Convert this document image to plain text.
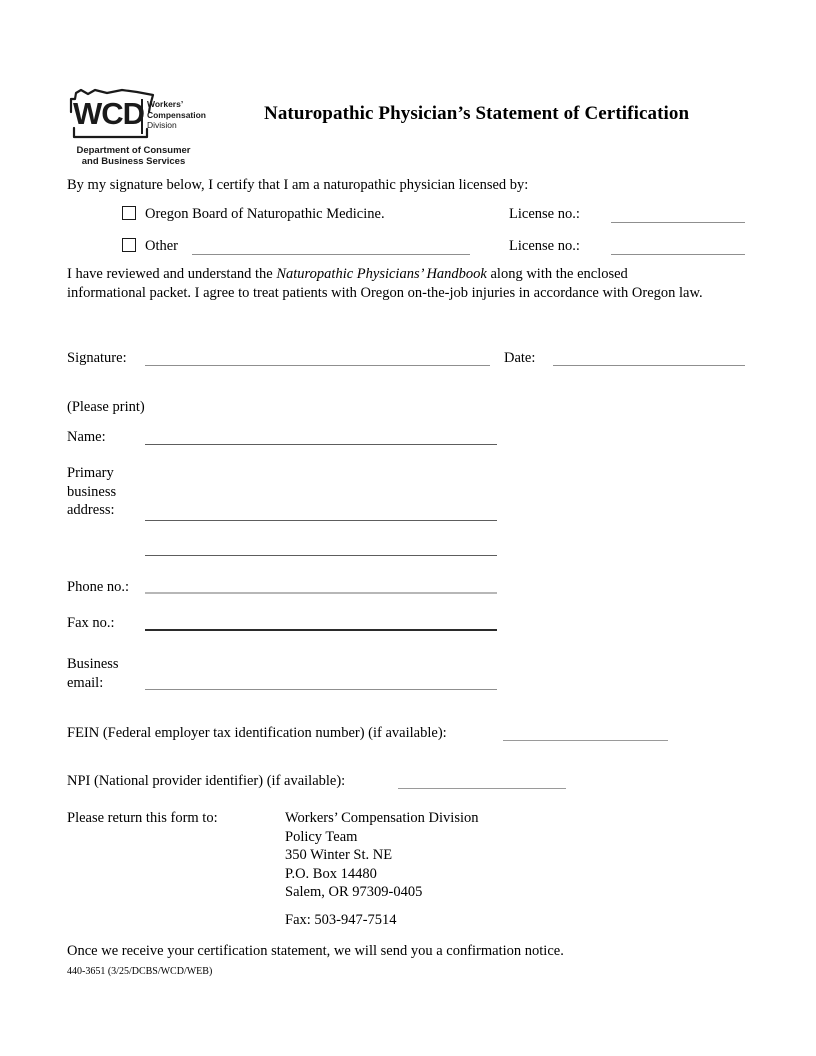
WCD Workers’
Compensation
Division
Department of Consumer
and Business Services
Naturopathic Physician’s Statement of Certification
By my signature below, I certify that I am a naturopathic physician licensed by:
Oregon Board of Naturopathic Medicine.	License no.:
Other	License no.:
I have reviewed and understand the Naturopathic Physicians’ Handbook along with the enclosed informational packet. I agree to treat patients with Oregon on-the-job injuries in accordance with Oregon law.
Signature:	Date:
(Please print)
Name:
Primary business address:
Phone no.:
Fax no.:
Business email:
FEIN (Federal employer tax identification number) (if available):
NPI (National provider identifier) (if available):
Please return this form to:	Workers’ Compensation Division
Policy Team
350 Winter St. NE
P.O. Box 14480
Salem, OR 97309-0405
Fax: 503-947-7514
Once we receive your certification statement, we will send you a confirmation notice.
440-3651 (3/25/DCBS/WCD/WEB)
